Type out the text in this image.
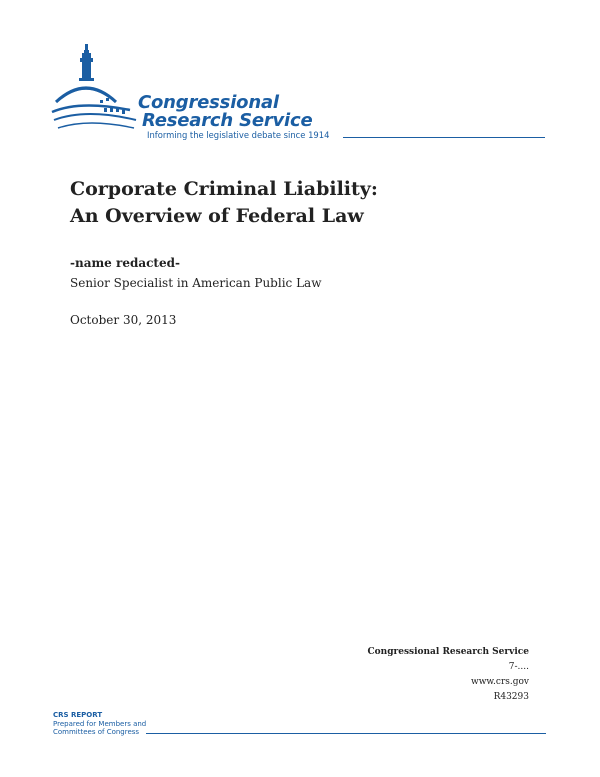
Congressional
Research Service
Informing the legislative debate since 1914
Corporate Criminal Liability:
An Overview of Federal Law
-name redacted-
Senior Specialist in American Public Law
October 30, 2013
Congressional Research Service
7-....
www.crs.gov
R43293
CRS REPORT
Prepared for Members and
Committees of Congress
